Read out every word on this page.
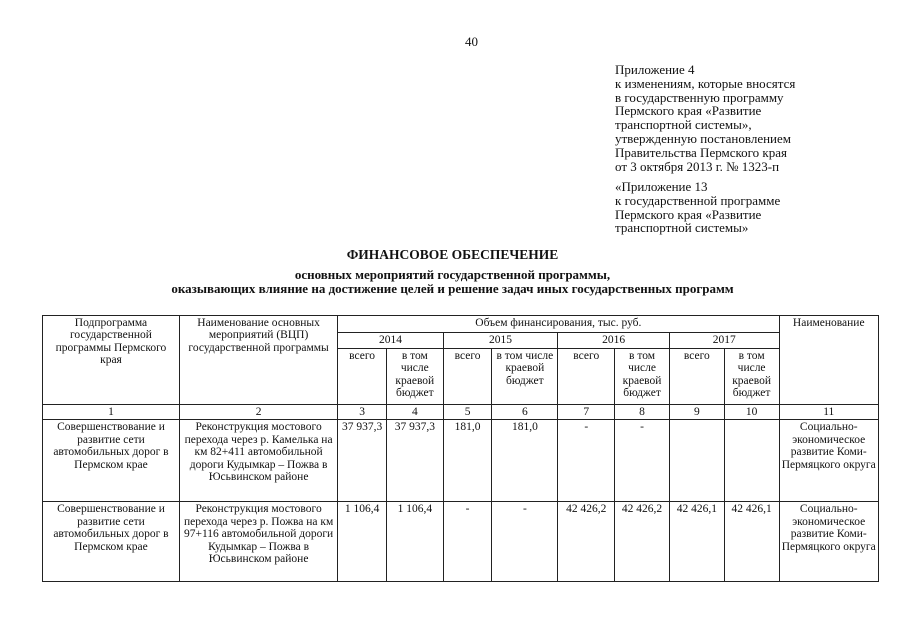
40
Приложение 4
к изменениям, которые вносятся
в государственную программу
Пермского края «Развитие
транспортной системы»,
утвержденную постановлением
Правительства Пермского края
от 3 октября 2013 г. № 1323-п
«Приложение 13
к государственной программе
Пермского края «Развитие
транспортной системы»
ФИНАНСОВОЕ ОБЕСПЕЧЕНИЕ
основных мероприятий государственной программы,
оказывающих влияние на достижение целей и решение задач иных государственных программ
Подпрограмма государственной программы Пермского края	Наименование основных мероприятий (ВЦП) государственной программы	Объем финансирования, тыс. руб.								Наименование
		2014		2015		2016		2017		
		всего	в том числе краевой бюджет	всего	в том числе краевой бюджет	всего	в том числе краевой бюджет	всего	в том числе краевой бюджет	
1	2	3	4	5	6	7	8	9	10	11
Совершенствование и развитие сети автомобильных дорог в Пермском крае	Реконструкция мостового перехода через р. Камелька на км 82+411 автомобильной дороги Кудымкар – Пожва в Юсьвинском районе	37 937,3	37 937,3	181,0	181,0	-	-			Социально-экономическое развитие Коми-Пермяцкого округа
Совершенствование и развитие сети автомобильных дорог в Пермском крае	Реконструкция мостового перехода через р. Пожва на км 97+116 автомобильной дороги Кудымкар – Пожва в Юсьвинском районе	1 106,4	1 106,4	-	-	42 426,2	42 426,2	42 426,1	42 426,1	Социально-экономическое развитие Коми-Пермяцкого округа
